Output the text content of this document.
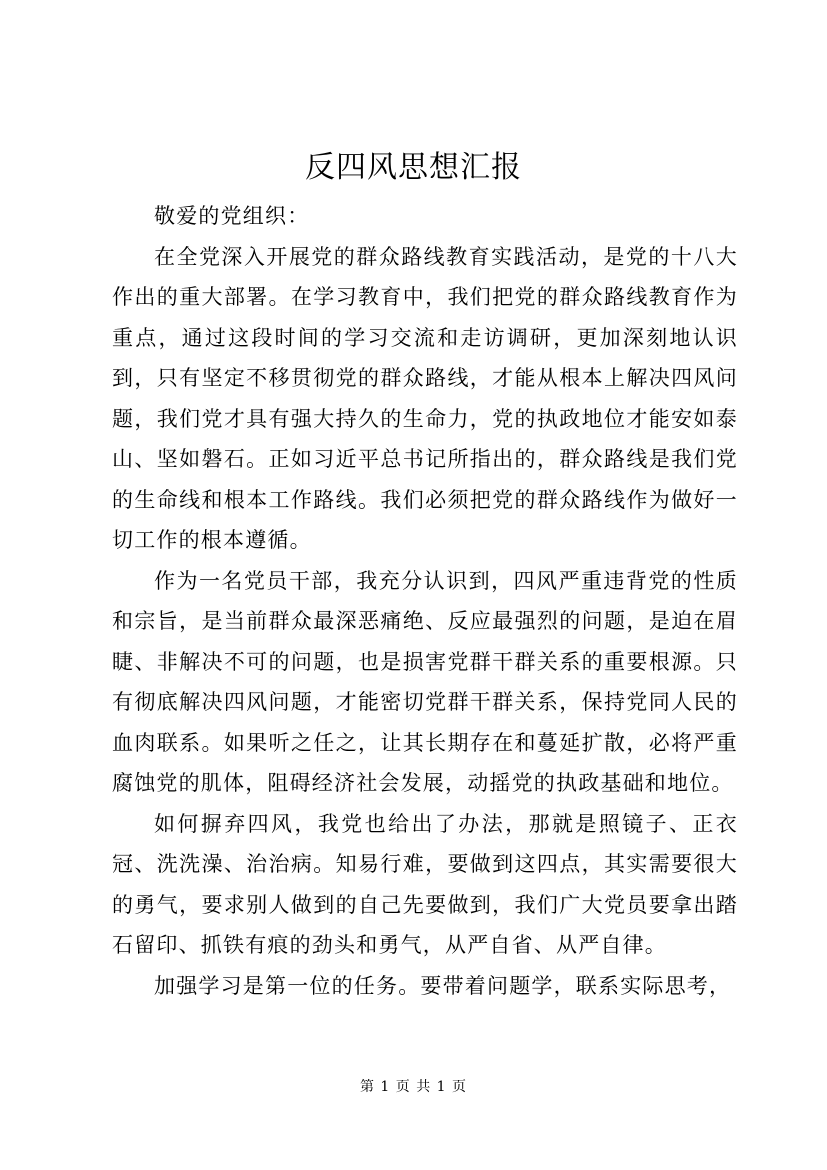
反四风思想汇报

敬爱的党组织：

在全党深入开展党的群众路线教育实践活动，是党的十八大作出的重大部署。在学习教育中，我们把党的群众路线教育作为重点，通过这段时间的学习交流和走访调研，更加深刻地认识到，只有坚定不移贯彻党的群众路线，才能从根本上解决四风问题，我们党才具有强大持久的生命力，党的执政地位才能安如泰山、坚如磐石。正如习近平总书记所指出的，群众路线是我们党的生命线和根本工作路线。我们必须把党的群众路线作为做好一切工作的根本遵循。

作为一名党员干部，我充分认识到，四风严重违背党的性质和宗旨，是当前群众最深恶痛绝、反应最强烈的问题，是迫在眉睫、非解决不可的问题，也是损害党群干群关系的重要根源。只有彻底解决四风问题，才能密切党群干群关系，保持党同人民的血肉联系。如果听之任之，让其长期存在和蔓延扩散，必将严重腐蚀党的肌体，阻碍经济社会发展，动摇党的执政基础和地位。

如何摒弃四风，我党也给出了办法，那就是照镜子、正衣冠、洗洗澡、治治病。知易行难，要做到这四点，其实需要很大的勇气，要求别人做到的自己先要做到，我们广大党员要拿出踏石留印、抓铁有痕的劲头和勇气，从严自省、从严自律。

加强学习是第一位的任务。要带着问题学，联系实际思考，

第 1 页 共 1 页
